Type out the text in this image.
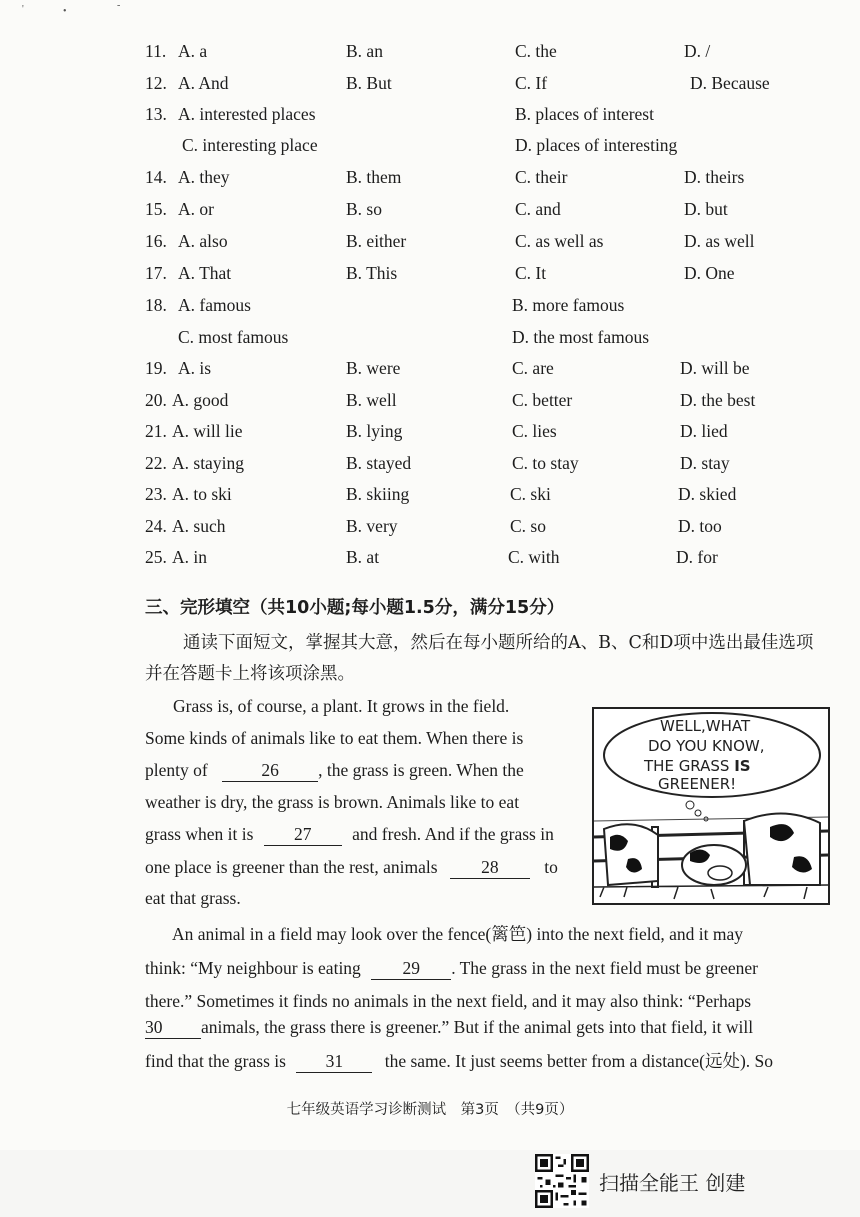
'	•
-
11. A. a	B. an	C. the	D. /
12. A. And	B. But	C. If	D. Because
13. A. interested places	B. places of interest
C. interesting place	D. places of interesting
14. A. they	B. them	C. their	D. theirs
15. A. or	B. so	C. and	D. but
16. A. also	B. either	C. as well as	D. as well
17. A. That	B. This	C. It	D. One
18. A. famous	B. more famous
C. most famous	D. the most famous
19. A. is	B. were	C. are	D. will be
20. A. good	B. well	C. better	D. the best
21. A. will lie	B. lying	C. lies	D. lied
22. A. staying	B. stayed	C. to stay	D. stay
23. A. to ski	B. skiing	C. ski	D. skied
24. A. such	B. very	C. so	D. too
25. A. in	B. at	C. with	D. for
三、完形填空（共10小题;每小题1.5分，满分15分）
通读下面短文，掌握其大意，然后在每小题所给的A、B、C和D项中选出最佳选项并在答题卡上将该项涂黑。
Grass is, of course, a plant. It grows in the field.
Some kinds of animals like to eat them. When there is
plenty of	26 , the grass is green. When the
weather is dry, the grass is brown. Animals like to eat
grass when it is 27 and fresh. And if the grass in
one place is greener than the rest, animals 28	to
eat that grass.
WELL,WHAT
DO YOU KNOW,
THE GRASS IS
GREENER!
An animal in a field may look over the fence(篱笆) into the next field, and it may
think: “My neighbour is eating 29 . The grass in the next field must be greener
there.” Sometimes it finds no animals in the next field, and it may also think: “Perhaps
30 animals, the grass there is greener.” But if the animal gets into that field, it will
find that the grass is 31 the same. It just seems better from a distance(远处). So
七年级英语学习诊断测试　第3页　（共9页）
扫描全能王 创建
